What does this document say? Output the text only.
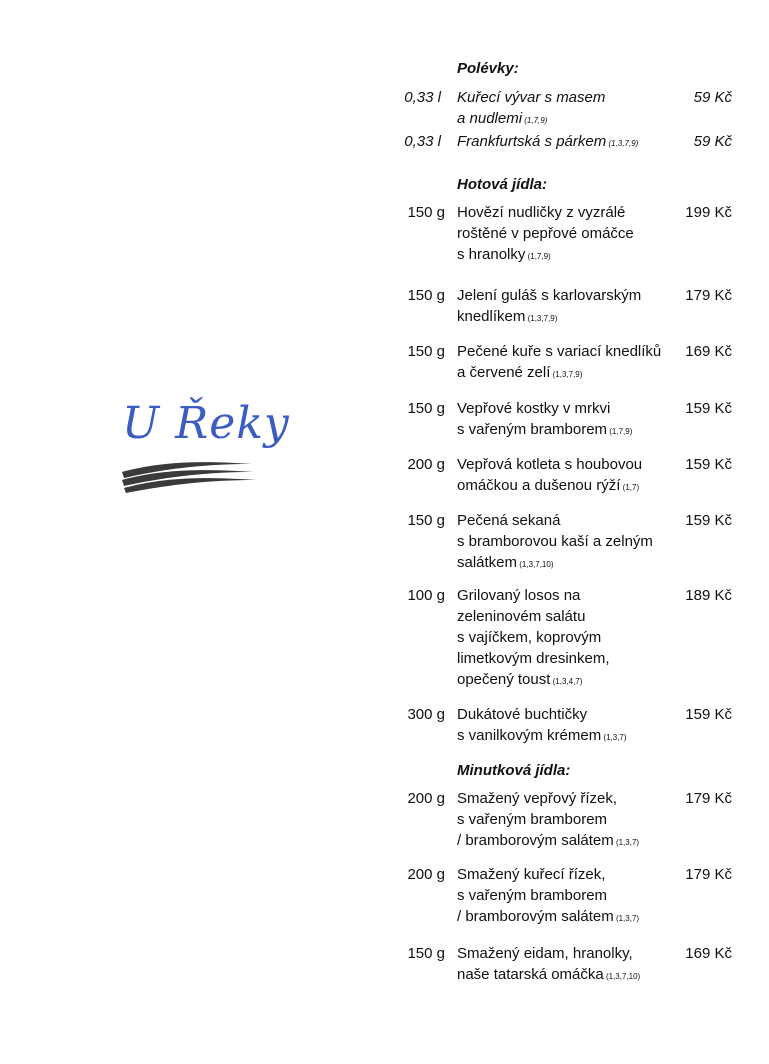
U Řeky
Polévky:
0,33 l Kuřecí vývar s masem
a nudlemi (1,7,9)
59 Kč
0,33 l Frankfurtská s párkem (1,3,7,9)	59 Kč
Hotová jídla:
150 g Hovězí nudličky z vyzrálé
roštěné v pepřové omáčce
s hranolky (1,7,9)
199 Kč
150 g Jelení guláš s karlovarským
knedlíkem (1,3,7,9)
179 Kč
150 g Pečené kuře s variací knedlíků
a červené zelí (1,3,7,9)
169 Kč
150 g Vepřové kostky v mrkvi
s vařeným bramborem (1,7,9)
159 Kč
200 g Vepřová kotleta s houbovou
omáčkou a dušenou rýží (1,7)
159 Kč
150 g Pečená sekaná
s bramborovou kaší a zelným
salátkem (1,3,7,10)
159 Kč
100 g Grilovaný losos na
zeleninovém salátu
s vajíčkem, koprovým
limetkovým dresinkem,
opečený toust (1,3,4,7)
189 Kč
300 g Dukátové buchtičky
s vanilkovým krémem (1,3,7)
159 Kč
Minutková jídla:
200 g Smažený vepřový řízek,
s vařeným bramborem
/ bramborovým salátem (1,3,7)
179 Kč
200 g Smažený kuřecí řízek,
s vařeným bramborem
/ bramborovým salátem (1,3,7)
179 Kč
150 g Smažený eidam, hranolky,
naše tatarská omáčka (1,3,7,10)
169 Kč
